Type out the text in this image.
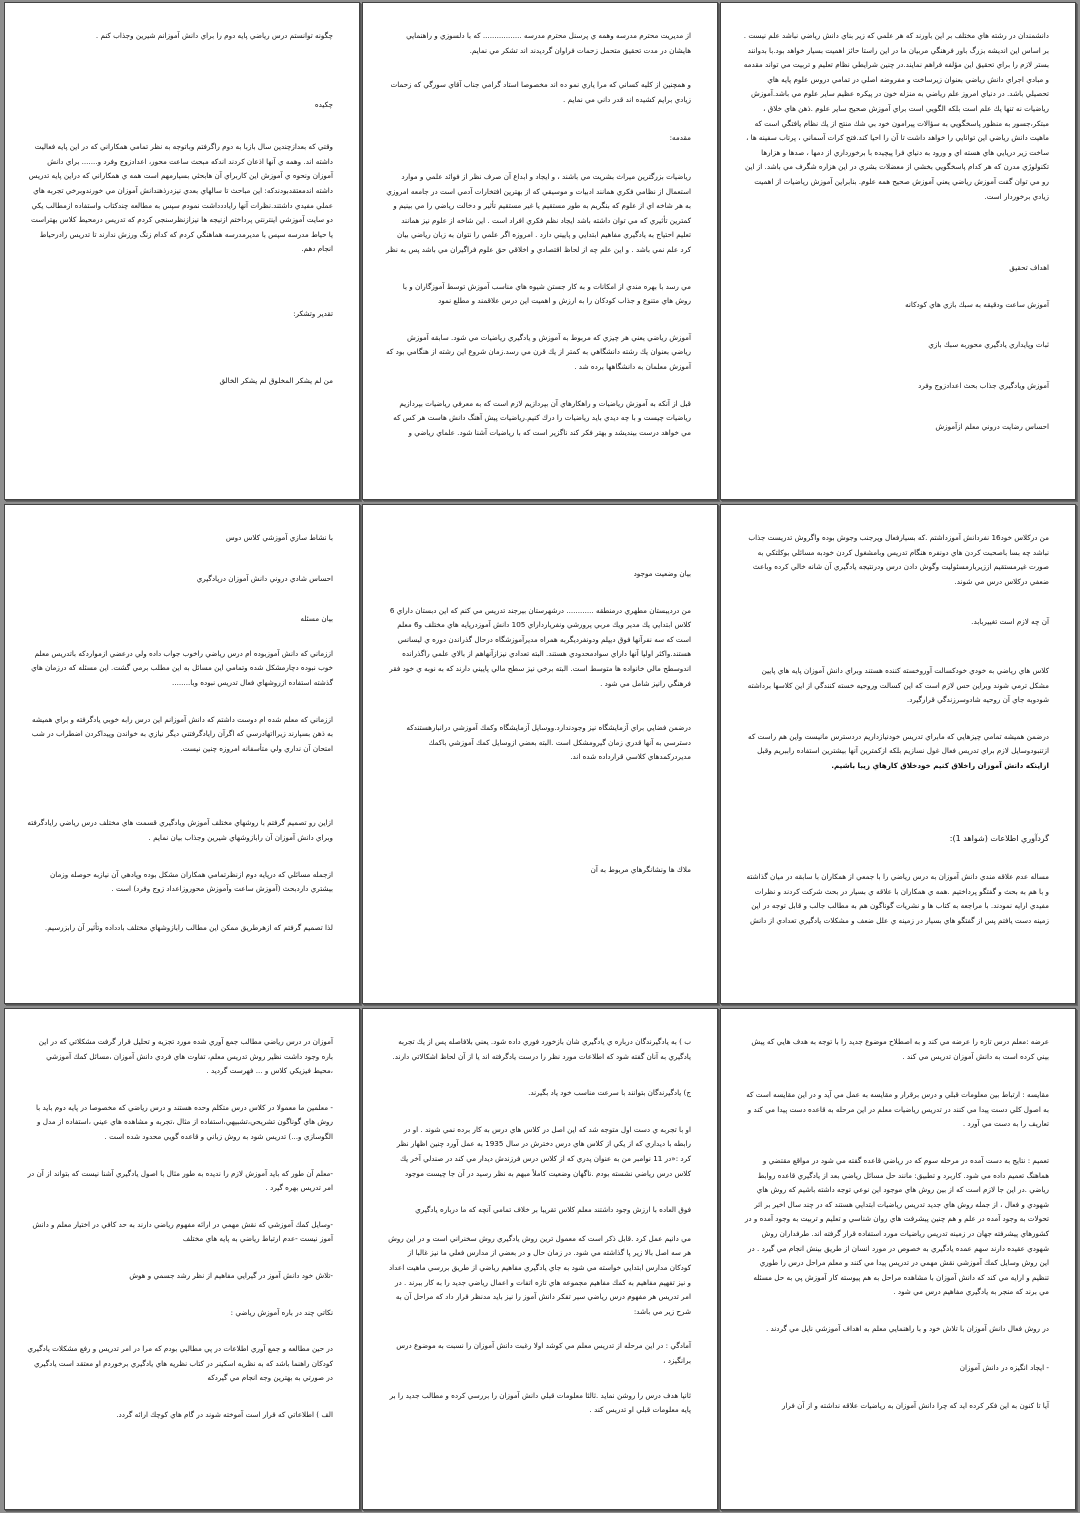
دانشمندان در رشته هاي مختلف بر اين باورند كه هر علمي كه زير بناي دانش رياضي نباشد علم نيست . بر اساس اين انديشه بزرگ باور فرهنگي مربيان ما در اين راستا حائز اهميت بسيار خواهد بود.با بدوانند بستر لازم را براي تحقيق اين مؤلفه فراهم نمايند.در چنين شرايطي نظام تعليم و تربيت مي تواند مقدمه و مبادي اجراي دانش رياضي بعنوان زيرساخت و مفروضه اصلي در تمامي دروس علوم پايه هاي تحصيلي باشد. در دنياي امروز علم رياضي به منزله خون در پيكره عظيم ساير علوم مي باشد.آموزش رياضيات نه تنها يك علم است بلكه الگويي است براي آموزش صحيح ساير علوم .ذهن هاي خلاق ، مبتكر،جسور به منظور پاسخگويي به سؤالات پيرامون خود بي شك منتج از يك نظام يافتگي است كه ماهيت دانش رياضي اين توانايي را خواهد داشت تا آن را احيا كند.فتح كرات آسماني ، پرتاب سفينه ها ، ساخت زير دريايي هاي هسته اي و ورود به دنياي فرا پيچيده با برخورداري از دمها ، صدها و هزارها تكنولوژي مدرن كه هر كدام پاسخگويي بخشي از معضلات بشري در اين هزاره شگرف مي باشد. از اين رو مي توان گفت آموزش رياضي يعني آموزش صحيح همه علوم. بنابراين آموزش رياضيات از اهميت زيادي برخوردار است.

اهداف تحقيق

آموزش ساعت ودقيقه به سبك بازي هاي كودكانه

ثبات وپايداري يادگيري محوربه سبك بازي

آموزش ويادگيري جذاب بحث اعدادزوج وفرد

احساس رضايت دروني معلم ازآموزش

از مديريت محترم مدرسه وهمه ي پرسنل محترم مدرسه ................. كه با دلسوزي و راهنمايي هايشان در مدت تحقيق متحمل زحمات فراوان گرديدند اند تشكر مي نمايم.

و همچنين از كليه كساني كه مرا ياري نمو ده اند مخصوصا استاد گرامي جناب آقاي سورگي كه زحمات زيادي برايم كشيده اند قدر داني مي نمايم .

مقدمه:

رياضيات بزرگترين ميراث بشريت مي باشند ، و ايجاد و ابداع آن صرف نظر از فوائد علمي و موارد استعمال از نظامي فكري همانند ادبيات و موسيقي كه از بهترين افتخارات آدمي است در جامعه امروزي به هر شاخه اي از علوم كه بنگريم به طور مستقيم يا غير مستقيم تأثير و دخالت رياضي را مي بينيم و كمترين تأثيري كه مي توان داشته باشد ايجاد نظم فكري افراد است . اين شاخه از علوم نيز همانند تعليم احتياج به يادگيري مفاهيم ابتدايي و پاييني دارد . امروزه اگر علمي را نتوان به زبان رياضي بيان كرد علم نمي باشد . و اين علم چه از لحاظ اقتصادي و اخلاقي حق علوم فراگيران مي باشد پس به نظر

مي رسد با بهره مندي از امكانات و به كار جستن شيوه هاي مناسب آموزش توسط آموزگاران و با روش هاي متنوع و جذاب كودكان را به ارزش و اهميت اين درس علاقمند و مطلع نمود

آموزش رياضي يعني هر چيزي كه مربوط به آموزش و يادگيري رياضيات مي شود. سابقه آموزش رياضي بعنوان يك رشته دانشگاهي به كمتر از يك قرن مي رسد.زمان شروع اين رشته از هنگامي بود كه آموزش معلمان به دانشگاهها برده شد .

قبل از آنكه به آموزش رياضيات و راهكارهاي آن بپردازيم لازم است كه به معرفي رياضيات بپردازيم رياضيات چيست و با چه ديدي بايد رياضيات را درك كنيم.رياضيات پيش آهنگ دانش هاست هر كس كه مي خواهد درست بينديشد و بهتر فكر كند ناگزير است كه با رياضيات آشنا شود. علماي رياضي و

چگونه توانستم درس رياضي پايه دوم را براي دانش آموزانم شيرين وجذاب كنم .

چكيده

وقتي كه بعدازچندين سال بازبا به دوم راگرفتم وباتوجه به نظر تمامي همكاراني كه در اين پايه فعاليت داشته اند. وهمه ي آنها اذعان كردند اندكه مبحث ساعت محور، اعدادزوج وفرد و....... براي دانش آموزان ونحوه ي آموزش اين كاربراي آن هابحثي بسيارمهم است همه ي همكاراني كه دراين پايه تدريس داشته اندمعتقدبودندكه: اين مباحث تا سالهاي بعدي نيزدرذهندانش آموزان مي خورندوبرخي تجربه هاي عملي مفيدي داشتند.نظرات آنها راياددداشت نمودم سپس به مطالعه چندكتاب واستفاده ازمطالب يكي دو سايت آموزشي اينترنتي پرداختم ازنيجه ها نيزازنظرسنجي كردم كه تدريس درمحيط كلاس بهتراست يا حياط مدرسه سپس با مديرمدرسه هماهنگي كردم كه كدام زنگ ورزش ندارند تا تدريس رادرحياط انجام دهم.

تقدير وتشكر:

من لم يشكر المخلوق لم يشكر الخالق

من دركلاس خود16 نفردانش آموزداشتم .كه بسيارفعال وپرجنب وجوش بوده واگروش تدريست جذاب نباشد چه بسا باصحبت كردن هاي دونفره هنگام تدريس وبامشغول كردن خودبه مسائلي بوكلتكي به صورت غيرمستقيم اززيربارمسئوليت وگوش دادن درس ودرنتيجه يادگيري آن شانه خالي كرده وباعث ضعفي دركلاس درس مي شوند.

آن چه لازم است تغييربابد.

كلاس هاي رياضي به خودي خودكسالت آوروخسته كننده هستند وبراي دانش آموزان پايه هاي پايين مشكل ترمي شوند وبراين حس لازم است كه اين كسالت وروحيه خسته كنندگي از اين كلاسها برداشته شودوبه جاي آن روحيه شادوسرزندگي قرارگيرد.

درضمن هميشه تمامي چيزهايي كه مابراي تدريس خودنيازداريم دردسترس مانيست واين هم راست كه ازتنبودوسايل لازم براي تدريس فعال غول نسازيم بلكه ازكمترين آنها بيشترين استفاده راببريم وقبل

ازاينكه دانش آموزان راخلاق كنيم خودخلاق كارهاي زيبا باشيم.

گردآوري اطلاعات (شواهد 1):

مساله عدم علاقه مندي دانش آموزان به درس رياضي را با جمعي از همكاران با سابقه در ميان گذاشته و با هم به بحث و گفتگو پرداختيم .همه ي همكاران با علاقه ي بسيار در بحث شركت كردند و نظرات مفيدي ارايه نمودند. با مراجعه به كتاب ها و نشريات گوناگون هم به مطالب جالب و قابل توجه در اين زمينه دست يافتم پس از گفتگو هاي بسيار در زمينه ي علل ضعف و مشكلات يادگيري تعدادي از دانش

بيان وضعيت موجود

من درديبستان مطهري درمنطقه ............ درشهرستان بيرجند تدريس مي كنم كه اين دبستان داراي 6 كلاس ابتدايي يك مدير ويك مربي پرورشي ونفريارداراي 105 دانش آموزدرپايه هاي مختلف و6 معلم است كه سه نفرآنها فوق ديپلم ودونفرديگربه همراه مديرآموزشگاه درحال گذراندن دوره ي ليسانس هستند.واكثر اوليا آنها داراي سوادمحدودي هستند. البته تعدادي نيزازآنهاهم از بالاي علمي راگذرانده اندوسطح مالي خانواده ها متوسط است. البته برخي نيز سطح مالي پاييني دارند كه به نوبه ي خود فقر فرهنگي رانيز شامل مي شود .

درضمن فضايي براي آزمايشگاه نيز وجودندارد.ووسايل آزمايشگاه وكمك آموزشي درانبارهستندكه دسترسي به آنها قدري زمان گيرومشكل است .البته بعضي ازوسايل كمك آموزشي باكمك مديردركمدهاي كلاسي قرارداده شده اند.

ملاك ها ونشانگرهاي مربوط به آن

با نشاط سازي آموزشي كلاس دوس

احساس شادي دروني دانش آموزان درپادگيري

بيان مسئله

اززماني كه دانش آموزبوده ام درس رياضي راخوب جواب داده ولي درعضي ازمواردكه باتدريس معلم خوب نبوده دچارمشكل شده وتمامي اين مسائل به اين مطلب برمي گشت. اين مسئله كه درزمان هاي گذشته استفاده ازروشهاي فعال تدريس نبوده وبا........

اززماني كه معلم شده ام دوست داشتم كه دانش آموزانم اين درس رابه خوبي يادگرفته و براي هميشه به ذهن بسپارند زيرااتهادرسي كه اگرآن رايادگرفتني ديگر نيازي به خواندن وپيداكردن اضطراب در شب امتحان آن نداري ولي متأسفانه امروزه چنين نيست.

ازاين رو تصميم گرفتم با روشهاي مختلف آموزش ويادگيري قسمت هاي مختلف درس رياضي رايادگرفته وبراي دانش آموزان آن رابازوشهاي شيرين وجذاب بيان نمايم .

ازجمله مسائلي كه درپايه دوم ازنظرتمامي همكاران مشكل بوده وپادهي آن نيازبه حوصله وزمان بيشتري داردبحث (آموزش ساعت وآموزش محوروزاعداد زوج وفرد) است .

لذا تصميم گرفتم كه ازهرطريق ممكن اين مطالب رابازوشهاي مختلف بادداده وتأثير آن رابزرسيم.

عرضه :معلم درس تازه را عرضه مي كند و به اصطلاح موضوع جديد را با توجه به هدف هايي كه پيش بيني كرده است به دانش آموزان تدريس مي كند .

مقايسه : ارتباط بين معلومات قبلي و درس برقرار و مقايسه به عمل مي آيد و در اين مقايسه است كه به اصول كلي دست پيدا مي كنند در تدريس رياضيات معلم در اين مرحله به قاعده دست پيدا مي كند و تعاريف را به دست مي آورد .

تعميم : نتايج به دست آمده در مرحله سوم كه در رياضي قاعده گفته مي شود در مواقع مقتضي و هماهنگ تعميم داده مي شود. كاربرد و تطبيق: مانند حل مسائل رياضي بعد از يادگيري قاعده روابط رياضي .در اين جا لازم است كه از بين روش هاي موجود اين نوعي توجه داشته باشيم كه روش هاي شهودي و فعال ، از جمله روش هاي جديد تدريس رياضيات ابتدايي هستند كه در چند سال اخير بر اثر تحولات به وجود آمده در علم و هم چنين پيشرفت هاي روان شناسي و تعليم و تربيت به وجود آمده و در كشورهاي پيشرفته جهان در زمينه تدريس رياضيات مورد استفاده قرار گرفته اند. طرفداران روش شهودي عقيده دارند سهم عمده يادگيري به خصوص در مورد انسان از طريق بينش انجام مي گيرد . در اين روش وسايل كمك آموزشي نقش مهمي در تدريس پيدا مي كنند و معلم مراحل درس را طوري تنظيم و ارايه مي كند كه دانش آموزان با مشاهده مراحل به هم پيوسته كار آموزش پي به حل مسئله مي برند كه منجر به يادگيري مفاهيم درس مي شود .

در روش فعال دانش آموزان با تلاش خود و با راهنمايي معلم به اهداف آموزشي نايل مي گردند .

- ايجاد انگيزه در دانش آموزان

آيا تا كنون به اين فكر كرده ايد كه چرا دانش آموزان به رياضيات علاقه نداشته و از آن فرار

ب ) به يادگيرندگان درباره ي يادگيري شان بازخورد فوري داده شود. يعني بلافاصله پس از يك تجربه يادگيري به آنان گفته شود كه اطلاعات مورد نظر را درست يادگرفته اند يا از آن لحاظ اشكالاتي دارند.

ج) يادگيرندگان بتوانند با سرعت مناسب خود ياد بگيرند.

او با تجربه ي دست اول متوجه شد كه اين اصل در كلاس هاي درس به كار برده نمي شوند . او در رابطه با ديداري كه از يكي از كلاس هاي درس دخترش در سال 1935 به عمل آورد چنين اظهار نظر كرد :«در 11 نوامبر من به عنوان پدري كه از كلاس درس فرزندش ديدار مي كند در صندلي آخر يك كلاس درس رياضي نشسته بودم .ناگهان وضعيت كاملاً مبهم به نظر رسيد در آن جا چيست موجود

فوق العاده با ارزش وجود داشتند معلم كلاس تقريبا بر خلاف تمامي آنچه كه ما درباره يادگيري

مي دانيم عمل كرد .قابل ذكر است كه معمول ترين روش يادگيري روش سخنراني است و در اين روش هر سه اصل بالا زير پا گذاشته مي شود. در زمان حال و در بعضي از مدارس فعلي ما نيز غالبا از كودكان مدارس ابتدايي خواسته مي شود به جاي يادگيري مفاهيم رياضي از طريق بررسي ماهيت اعداد و نيز تفهيم مفاهيم به كمك مفاهيم مجموعه هاي تازه اتفات و اعمال رياضي جديد را به كار ببرند . در امر تدريس هر مفهوم درس رياضي سير تفكر دانش آموز را نيز بايد مدنظر قرار داد كه مراحل آن به شرح زير مي باشد:

آمادگي : در اين مرحله از تدريس معلم مي كوشد اولا رغبت دانش آموزان را نسبت به موضوع درس برانگيزد ،

ثانيا هدف درس را روشن نمايد .ثالثا معلومات قبلي دانش آموزان را بررسي كرده و مطالب جديد را بر پايه معلومات قبلي او تدريس كند .

آموزان در درس رياضي مطالب جمع آوري شده مورد تجزيه و تحليل قرار گرفت مشكلاتي كه در اين باره وجود داشت نظير روش تدريس معلم، تفاوت هاي فردي دانش آموزان ،مسائل كمك آموزشي ،محيط فيزيكي كلاس و ... فهرست گرديد .

- معلمين ما معمولا در كلاس درس متكلم وحده هستند و درس رياضي كه مخصوصا در پايه دوم بايد با روش هاي گوناگون تشريحي،تشبيهي،استفاده از مثال ،تجربه و مشاهده هاي عيني ،استفاده از مدل و الگوسازي و...) تدريس شود به روش زباني و قاعده گويي محدود شده است .

-معلم آن طور كه بايد آموزش لازم را نديده به طور مثال با اصول يادگيري آشنا نيست كه بتواند از آن در امر تدريس بهره گيرد .

-وسايل كمك آموزشي كه نقش مهمي در ارائه مفهوم رياضي دارند به حد كافي در اختيار معلم و دانش آموز نيست -عدم ارتباط رياضي به پايه هاي مختلف

-تلاش خود دانش آموز در گيرايي مفاهيم از نظر رشد جسمي و هوش

نكاتي چند در باره آموزش رياضي :

در حين مطالعه و جمع آوري اطلاعات در پي مطالبي بودم كه مرا در امر تدريس و رفع مشكلات يادگيري كودكان راهنما باشد كه به نظريه اسكينر در كتاب نظريه هاي يادگيري برخوردم او معتقد است يادگيري در صورتي به بهترين وجه انجام مي گيردكه

الف ) اطلاعاتي كه قرار است آموخته شوند در گام هاي كوچك ارائه گردد.
